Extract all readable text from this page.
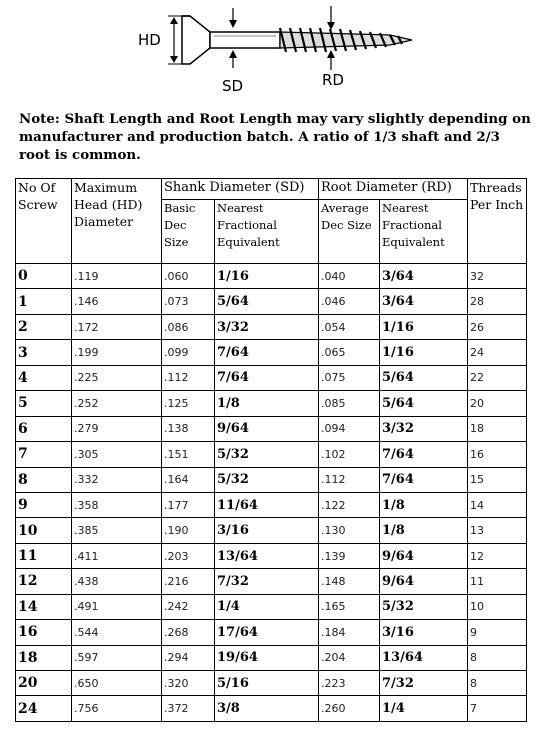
HD
SD	RD

Note: Shaft Length and Root Length may vary slightly depending on manufacturer and production batch. A ratio of 1/3 shaft and 2/3 root is common.

No Of Screw	Maximum Head (HD) Diameter	Shank Diameter (SD)		Root Diameter (RD)		Threads Per Inch
		Basic Dec Size	Nearest Fractional Equivalent	Average Dec Size	Nearest Fractional Equivalent	
0	.119	.060	1/16	.040	3/64	32
1	.146	.073	5/64	.046	3/64	28
2	.172	.086	3/32	.054	1/16	26
3	.199	.099	7/64	.065	1/16	24
4	.225	.112	7/64	.075	5/64	22
5	.252	.125	1/8	.085	5/64	20
6	.279	.138	9/64	.094	3/32	18
7	.305	.151	5/32	.102	7/64	16
8	.332	.164	5/32	.112	7/64	15
9	.358	.177	11/64	.122	1/8	14
10	.385	.190	3/16	.130	1/8	13
11	.411	.203	13/64	.139	9/64	12
12	.438	.216	7/32	.148	9/64	11
14	.491	.242	1/4	.165	5/32	10
16	.544	.268	17/64	.184	3/16	9
18	.597	.294	19/64	.204	13/64	8
20	.650	.320	5/16	.223	7/32	8
24	.756	.372	3/8	.260	1/4	7
